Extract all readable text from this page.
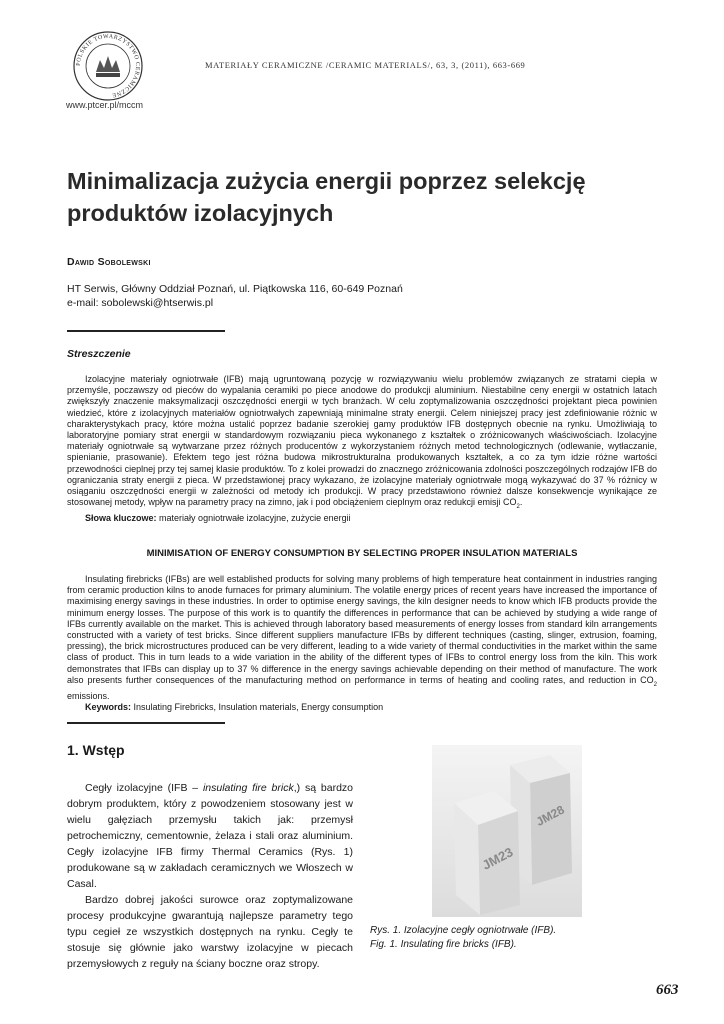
POLSKIE TOWARZYSTWO CERAMICZNE
www.ptcer.pl/mccm
MATERIAŁY CERAMICZNE /CERAMIC MATERIALS/, 63, 3, (2011), 663-669
Minimalizacja zużycia energii poprzez selekcję produktów izolacyjnych
Dawid Sobolewski
HT Serwis, Główny Oddział Poznań, ul. Piątkowska 116, 60-649 Poznań
e-mail: sobolewski@htserwis.pl
Streszczenie

Izolacyjne materiały ogniotrwałe (IFB) mają ugruntowaną pozycję w rozwiązywaniu wielu problemów związanych ze stratami ciepła w przemyśle, poczawszy od pieców do wypalania ceramiki po piece anodowe do produkcji aluminium. Niestabilne ceny energii w ostatnich latach zwiększyły znaczenie maksymalizacji oszczędności energii w tych branżach. W celu zoptymalizowania oszczędności projektant pieca powinien wiedzieć, które z izolacyjnych materiałów ogniotrwałych zapewniają minimalne straty energii. Celem niniejszej pracy jest zdefiniowanie różnic w charakterystykach pracy, które można ustalić poprzez badanie szerokiej gamy produktów IFB dostępnych obecnie na rynku. Umożliwiają to laboratoryjne pomiary strat energii w standardowym rozwiązaniu pieca wykonanego z kształtek o zróżnicowanych właściwościach. Izolacyjne materiały ogniotrwałe są wytwarzane przez różnych producentów z wykorzystaniem różnych metod technologicznych (odlewanie, wytłaczanie, spienianie, prasowanie). Efektem tego jest różna budowa mikrostrukturalna produkowanych kształtek, a co za tym idzie różne wartości przewodności cieplnej przy tej samej klasie produktów. To z kolei prowadzi do znacznego zróżnicowania zdolności poszczególnych rodzajów IFB do ograniczania straty energii z pieca. W przedstawionej pracy wykazano, że izolacyjne materiały ogniotrwałe mogą wykazywać do 37 % różnicy w osiąganiu oszczędności energii w zależności od metody ich produkcji. W pracy przedstawiono również dalsze konsekwencje wynikające ze stosowanej metody, wpływ na parametry pracy na zimno, jak i pod obciążeniem cieplnym oraz redukcji emisji $CO_2$.

Słowa kluczowe: materiały ogniotrwałe izolacyjne, zużycie energii
MINIMISATION OF ENERGY CONSUMPTION BY SELECTING PROPER INSULATION MATERIALS

Insulating firebricks (IFBs) are well established products for solving many problems of high temperature heat containment in industries ranging from ceramic production kilns to anode furnaces for primary aluminium. The volatile energy prices of recent years have increased the importance of maximising energy savings in these industries. In order to optimise energy savings, the kiln designer needs to know which IFB products provide the minimum energy losses. The purpose of this work is to quantify the differences in performance that can be achieved by studying a wide range of IFBs currently available on the market. This is achieved through laboratory based measurements of energy losses from standard kiln arrangements constructed with a variety of test bricks. Since different suppliers manufacture IFBs by different techniques (casting, slinger, extrusion, foaming, pressing), the brick microstructures produced can be very different, leading to a wide variety of thermal conductivities in the market within the same class of product. This in turn leads to a wide variation in the ability of the different types of IFBs to control energy loss from the kiln. This work demonstrates that IFBs can display up to 37 % difference in the energy savings achievable depending on their method of manufacture. The work also presents further consequences of the manufacturing method on performance in terms of heating and cooling rates, and reduction in $CO_2$ emissions.

Keywords: Insulating Firebricks, Insulation materials, Energy consumption
1. Wstęp

Cegły izolacyjne (IFB – insulating fire brick,) są bardzo dobrym produktem, który z powodzeniem stosowany jest w wielu gałęziach przemysłu takich jak: przemysł petrochemiczny, cementownie, żelaza i stali oraz aluminium. Cegły izolacyjne IFB firmy Thermal Ceramics (Rys. 1) produkowane są w zakładach ceramicznych we Włoszech w Casal.

Bardzo dobrej jakości surowce oraz zoptymalizowane procesy produkcyjne gwarantują najlepsze parametry tego typu cegieł ze wszystkich dostępnych na rynku. Cegły te stosuje się głównie jako warstwy izolacyjne w piecach przemysłowych z reguły na ściany boczne oraz stropy.

JM28
JM23
Rys. 1. Izolacyjne cegły ogniotrwałe (IFB).
Fig. 1. Insulating fire bricks (IFB).
663
